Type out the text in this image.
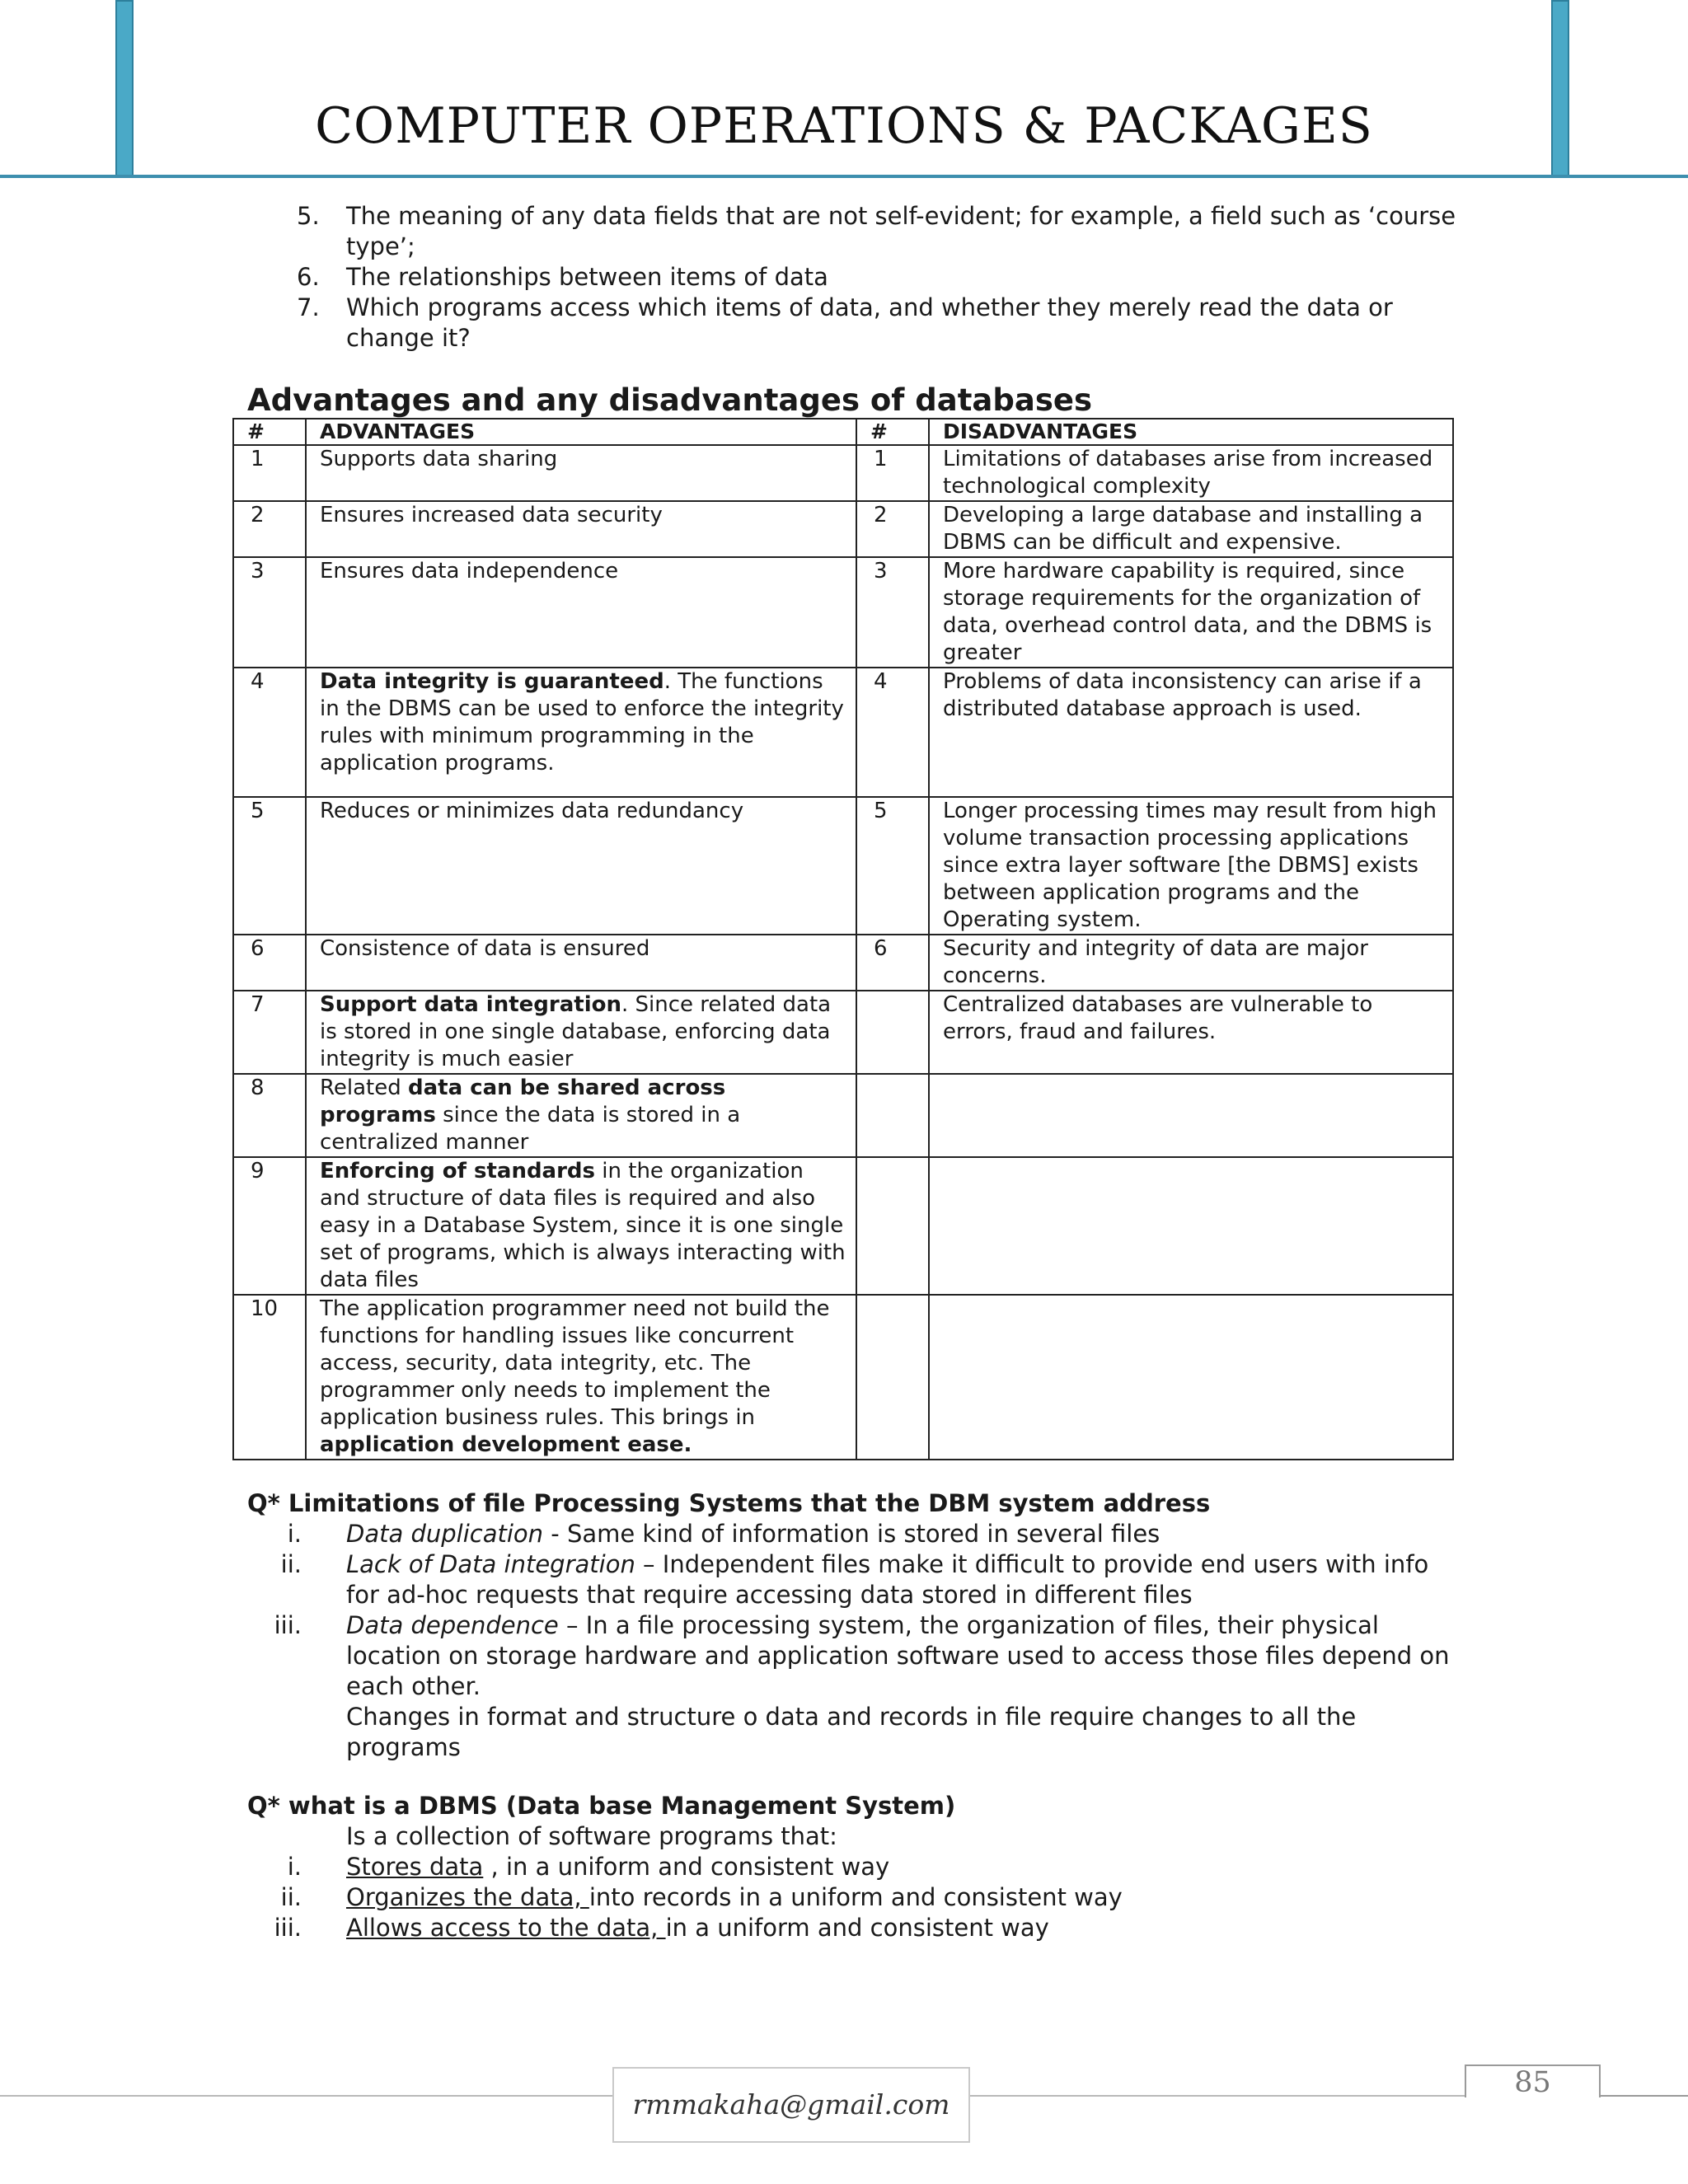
COMPUTER OPERATIONS & PACKAGES
5. The meaning of any data fields that are not self-evident; for example, a field such as ‘course type’;
6. The relationships between items of data
7. Which programs access which items of data, and whether they merely read the data or change it?
Advantages and any disadvantages of databases
#	ADVANTAGES	#	DISADVANTAGES
1	Supports data sharing	1	Limitations of databases arise from increased technological complexity
2	Ensures increased data security	2	Developing a large database and installing a DBMS can be difficult and expensive.
3	Ensures data independence	3	More hardware capability is required, since storage requirements for the organization of data, overhead control data, and the DBMS is greater
4	Data integrity is guaranteed. The functions in the DBMS can be used to enforce the integrity rules with minimum programming in the application programs.	4	Problems of data inconsistency can arise if a distributed database approach is used.
5	Reduces or minimizes data redundancy	5	Longer processing times may result from high volume transaction processing applications since extra layer software [the DBMS] exists between application programs and the Operating system.
6	Consistence of data is ensured	6	Security and integrity of data are major concerns.
7	Support data integration. Since related data is stored in one single database, enforcing data integrity is much easier		Centralized databases are vulnerable to errors, fraud and failures.
8	Related data can be shared across programs since the data is stored in a centralized manner		
9	Enforcing of standards in the organization and structure of data files is required and also easy in a Database System, since it is one single set of programs, which is always interacting with data files		
10	The application programmer need not build the functions for handling issues like concurrent access, security, data integrity, etc. The programmer only needs to implement the application business rules. This brings in application development ease.		
Q* Limitations of file Processing Systems that the DBM system address
i. Data duplication - Same kind of information is stored in several files
ii. Lack of Data integration – Independent files make it difficult to provide end users with info for ad-hoc requests that require accessing data stored in different files
iii. Data dependence – In a file processing system, the organization of files, their physical location on storage hardware and application software used to access those files depend on each other.
Changes in format and structure o data and records in file require changes to all the programs
Q* what is a DBMS (Data base Management System)
Is a collection of software programs that:
i. Stores data , in a uniform and consistent way
ii. Organizes the data, into records in a uniform and consistent way
iii. Allows access to the data, in a uniform and consistent way
rmmakaha@gmail.com
85
